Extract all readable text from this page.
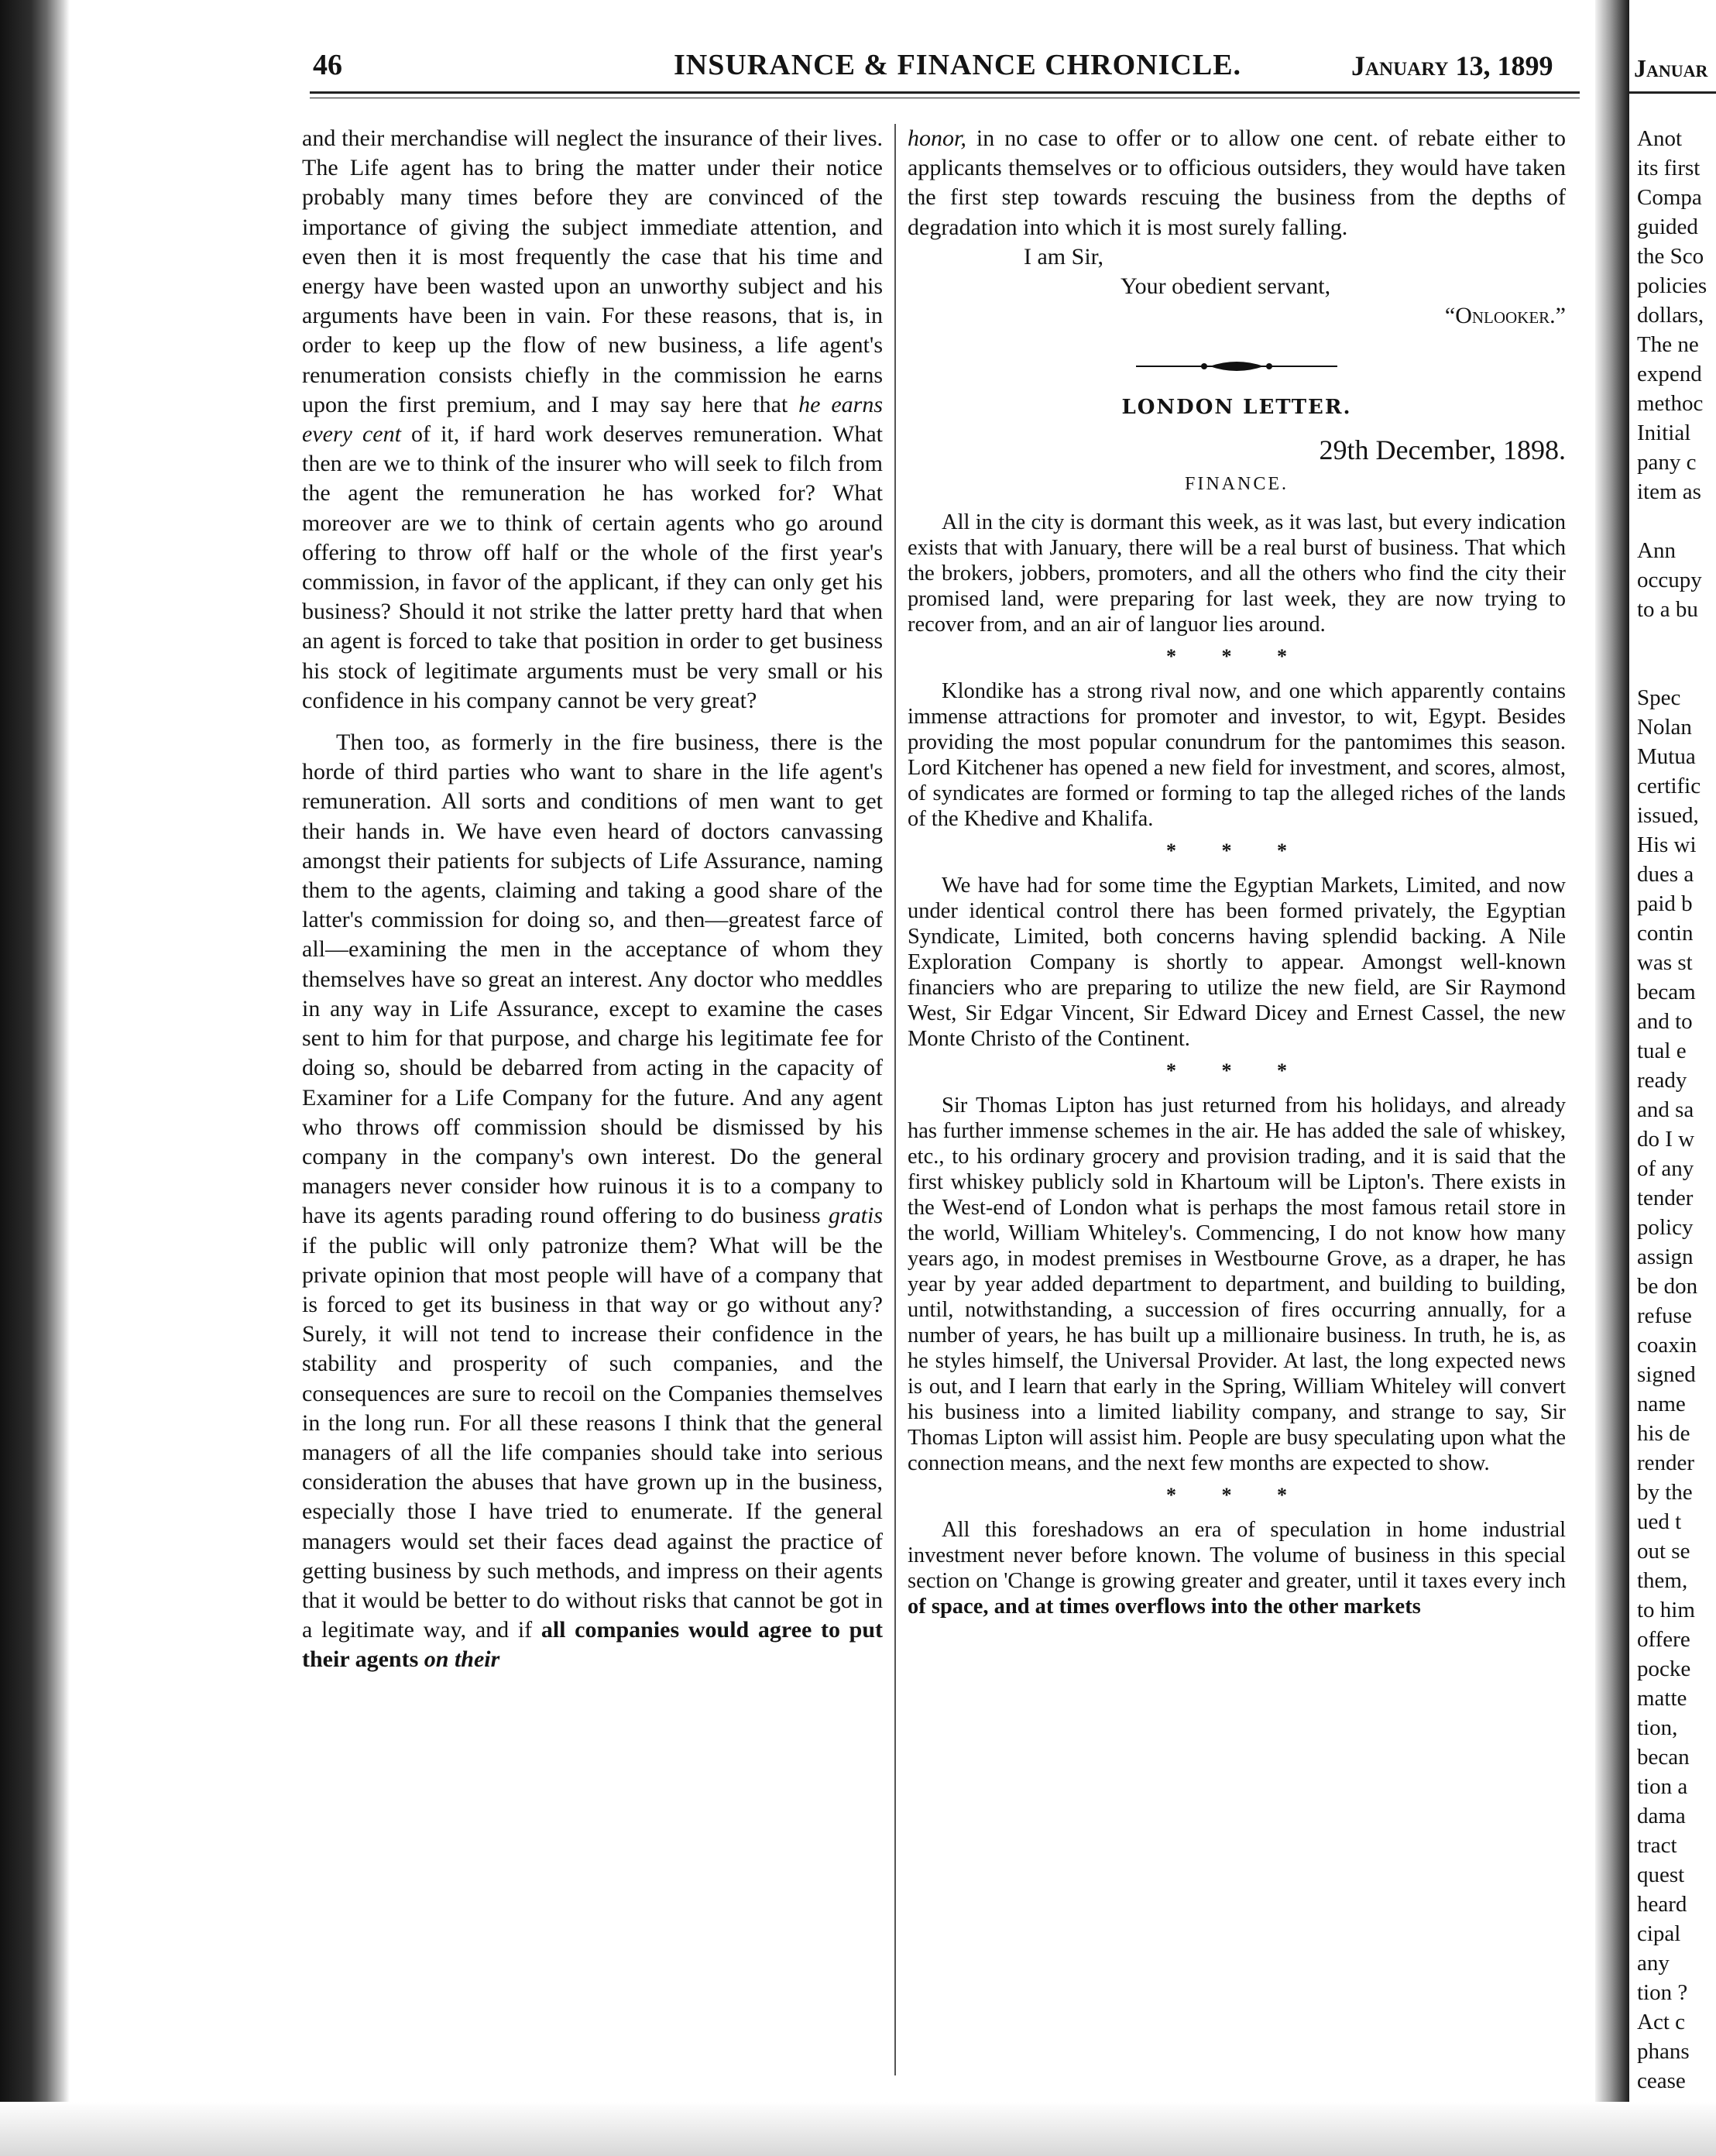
46	INSURANCE & FINANCE CHRONICLE.	January 13, 1899

and their merchandise will neglect the insurance of their lives. The Life agent has to bring the matter under their notice probably many times before they are convinced of the importance of giving the subject immediate attention, and even then it is most frequently the case that his time and energy have been wasted upon an unworthy subject and his arguments have been in vain. For these reasons, that is, in order to keep up the flow of new business, a life agent's renumeration consists chiefly in the commission he earns upon the first premium, and I may say here that he earns every cent of it, if hard work deserves remuneration. What then are we to think of the insurer who will seek to filch from the agent the remuneration he has worked for? What moreover are we to think of certain agents who go around offering to throw off half or the whole of the first year's commission, in favor of the applicant, if they can only get his business? Should it not strike the latter pretty hard that when an agent is forced to take that position in order to get business his stock of legitimate arguments must be very small or his confidence in his company cannot be very great?

Then too, as formerly in the fire business, there is the horde of third parties who want to share in the life agent's remuneration. All sorts and conditions of men want to get their hands in. We have even heard of doctors canvassing amongst their patients for subjects of Life Assurance, naming them to the agents, claiming and taking a good share of the latter's commission for doing so, and then—greatest farce of all—examining the men in the acceptance of whom they themselves have so great an interest. Any doctor who meddles in any way in Life Assurance, except to examine the cases sent to him for that purpose, and charge his legitimate fee for doing so, should be debarred from acting in the capacity of Examiner for a Life Company for the future. And any agent who throws off commission should be dismissed by his company in the company's own interest. Do the general managers never consider how ruinous it is to a company to have its agents parading round offering to do business gratis if the public will only patronize them? What will be the private opinion that most people will have of a company that is forced to get its business in that way or go without any? Surely, it will not tend to increase their confidence in the stability and prosperity of such companies, and the consequences are sure to recoil on the Companies themselves in the long run. For all these reasons I think that the general managers of all the life companies should take into serious consideration the abuses that have grown up in the business, especially those I have tried to enumerate. If the general managers would set their faces dead against the practice of getting business by such methods, and impress on their agents that it would be better to do without risks that cannot be got in a legitimate way, and if all companies would agree to put their agents on their

honor, in no case to offer or to allow one cent. of rebate either to applicants themselves or to officious outsiders, they would have taken the first step towards rescuing the business from the depths of degradation into which it is most surely falling.

I am Sir,

Your obedient servant,

“Onlooker.”

LONDON LETTER.

29th December, 1898.

FINANCE.

All in the city is dormant this week, as it was last, but every indication exists that with January, there will be a real burst of business. That which the brokers, jobbers, promoters, and all the others who find the city their promised land, were preparing for last week, they are now trying to recover from, and an air of languor lies around.

* * *

Klondike has a strong rival now, and one which apparently contains immense attractions for promoter and investor, to wit, Egypt. Besides providing the most popular conundrum for the pantomimes this season. Lord Kitchener has opened a new field for investment, and scores, almost, of syndicates are formed or forming to tap the alleged riches of the lands of the Khedive and Khalifa.

* * *

We have had for some time the Egyptian Markets, Limited, and now under identical control there has been formed privately, the Egyptian Syndicate, Limited, both concerns having splendid backing. A Nile Exploration Company is shortly to appear. Amongst well-known financiers who are preparing to utilize the new field, are Sir Raymond West, Sir Edgar Vincent, Sir Edward Dicey and Ernest Cassel, the new Monte Christo of the Continent.

* * *

Sir Thomas Lipton has just returned from his holidays, and already has further immense schemes in the air. He has added the sale of whiskey, etc., to his ordinary grocery and provision trading, and it is said that the first whiskey publicly sold in Khartoum will be Lipton's. There exists in the West-end of London what is perhaps the most famous retail store in the world, William Whiteley's. Commencing, I do not know how many years ago, in modest premises in Westbourne Grove, as a draper, he has year by year added department to department, and building to building, until, notwithstanding, a succession of fires occurring annually, for a number of years, he has built up a millionaire business. In truth, he is, as he styles himself, the Universal Provider. At last, the long expected news is out, and I learn that early in the Spring, William Whiteley will convert his business into a limited liability company, and strange to say, Sir Thomas Lipton will assist him. People are busy speculating upon what the connection means, and the next few months are expected to show.

* * *

All this foreshadows an era of speculation in home industrial investment never before known. The volume of business in this special section on 'Change is growing greater and greater, until it taxes every inch of space, and at times overflows into the other markets

Januar
Anot
its first
Compa
guided
the Sco
policies
dollars,
The ne
expend
methoc
Initial
pany c
item as

Ann
occupy
to a bu

Spec
Nolan
Mutua
certific
issued,
His wi
dues a
paid b
contin
was st
becam
and to
tual e
ready
and sa
do I w
of any
tender
policy
assign
be don
refuse
coaxin
signed
name
his de
render
by the
ued t
out se
them,
to him
offere
pocke
matte
tion,
becan
tion a
dama
tract
quest
heard
cipal
any
tion ?
Act c
phans
cease
